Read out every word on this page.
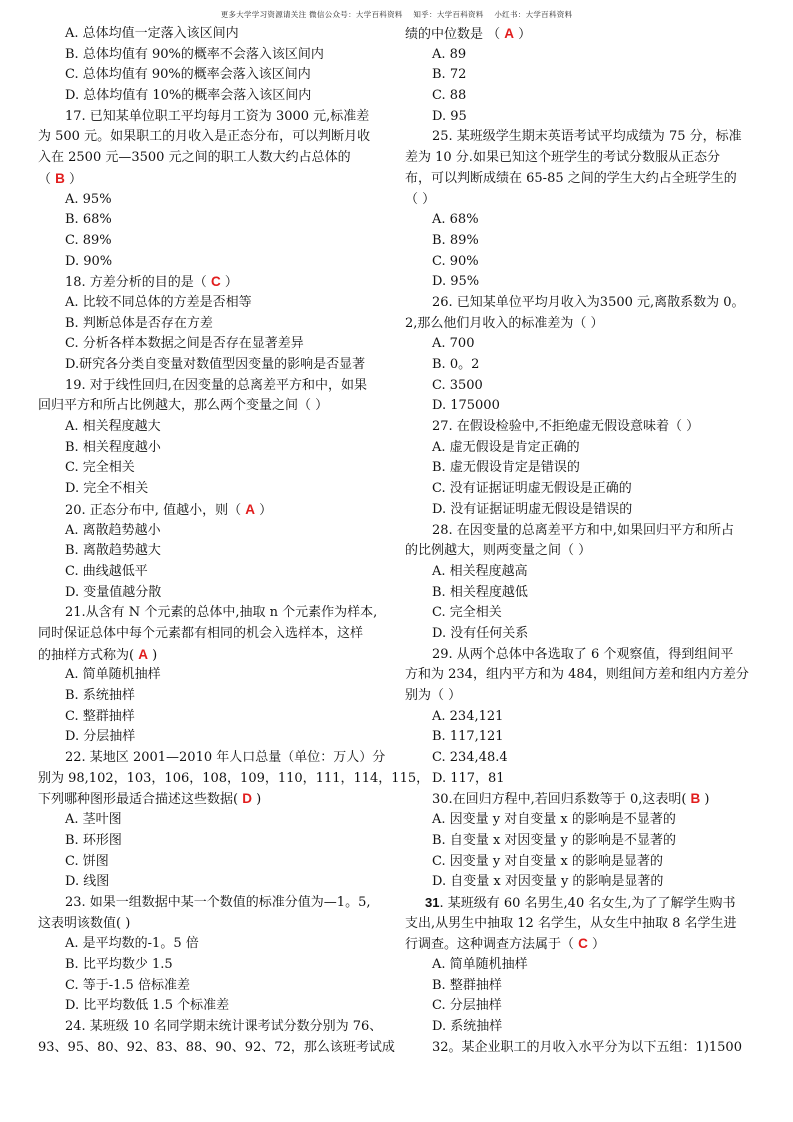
更多大学学习资源请关注 微信公众号：大学百科资料    知乎：大学百科资料    小红书：大学百科资料
A. 总体均值一定落入该区间内
B. 总体均值有 90%的概率不会落入该区间内
C. 总体均值有 90%的概率会落入该区间内
D. 总体均值有 10%的概率会落入该区间内
17. 已知某单位职工平均每月工资为 3000 元,标准差
为 500 元。如果职工的月收入是正态分布，可以判断月收
入在 2500 元—3500 元之间的职工人数大约占总体的
（ B ）
A. 95%
B. 68%
C. 89%
D. 90%
18. 方差分析的目的是（ C ）
A. 比较不同总体的方差是否相等
B. 判断总体是否存在方差
C. 分析各样本数据之间是否存在显著差异
D.研究各分类自变量对数值型因变量的影响是否显著
19. 对于线性回归,在因变量的总离差平方和中，如果
回归平方和所占比例越大，那么两个变量之间（ ）
A. 相关程度越大
B. 相关程度越小
C. 完全相关
D. 完全不相关
20. 正态分布中, 值越小，则（ A ）
A. 离散趋势越小
B. 离散趋势越大
C. 曲线越低平
D. 变量值越分散
21.从含有 N 个元素的总体中,抽取 n 个元素作为样本,
同时保证总体中每个元素都有相同的机会入选样本，这样
的抽样方式称为( A )
A. 简单随机抽样
B. 系统抽样
C. 整群抽样
D. 分层抽样
22. 某地区 2001—2010 年人口总量（单位：万人）分
别为 98,102，103，106，108，109，110，111，114，115，
下列哪种图形最适合描述这些数据( D )
A. 茎叶图
B. 环形图
C. 饼图
D. 线图
23. 如果一组数据中某一个数值的标准分值为—1。5,
这表明该数值( )
A. 是平均数的-1。5 倍
B. 比平均数少 1.5
C. 等于-1.5 倍标准差
D. 比平均数低 1.5 个标准差
24. 某班级 10 名同学期末统计课考试分数分别为 76、
93、95、80、92、83、88、90、92、72，那么该班考试成
绩的中位数是 （ A ）
A. 89
B. 72
C. 88
D. 95
25. 某班级学生期末英语考试平均成绩为 75 分，标准
差为 10 分.如果已知这个班学生的考试分数服从正态分
布，可以判断成绩在 65-85 之间的学生大约占全班学生的
（ ）
A. 68%
B. 89%
C. 90%
D. 95%
26. 已知某单位平均月收入为3500 元,离散系数为 0。
2,那么他们月收入的标准差为（ ）
A. 700
B. 0。2
C. 3500
D. 175000
27. 在假设检验中,不拒绝虚无假设意味着（ ）
A. 虚无假设是肯定正确的
B. 虚无假设肯定是错误的
C. 没有证据证明虚无假设是正确的
D. 没有证据证明虚无假设是错误的
28. 在因变量的总离差平方和中,如果回归平方和所占
的比例越大，则两变量之间（ ）
A. 相关程度越高
B. 相关程度越低
C. 完全相关
D. 没有任何关系
29. 从两个总体中各选取了 6 个观察值，得到组间平
方和为 234，组内平方和为 484，则组间方差和组内方差分
别为（ ）
A. 234,121
B. 117,121
C. 234,48.4
D. 117，81
30.在回归方程中,若回归系数等于 0,这表明( B )
A. 因变量 y 对自变量 x 的影响是不显著的
B. 自变量 x 对因变量 y 的影响是不显著的
C. 因变量 y 对自变量 x 的影响是显著的
D. 自变量 x 对因变量 y 的影响是显著的
31. 某班级有 60 名男生,40 名女生,为了了解学生购书
支出,从男生中抽取 12 名学生，从女生中抽取 8 名学生进
行调查。这种调查方法属于（ C ）
A. 简单随机抽样
B. 整群抽样
C. 分层抽样
D. 系统抽样
32。某企业职工的月收入水平分为以下五组：1)1500
